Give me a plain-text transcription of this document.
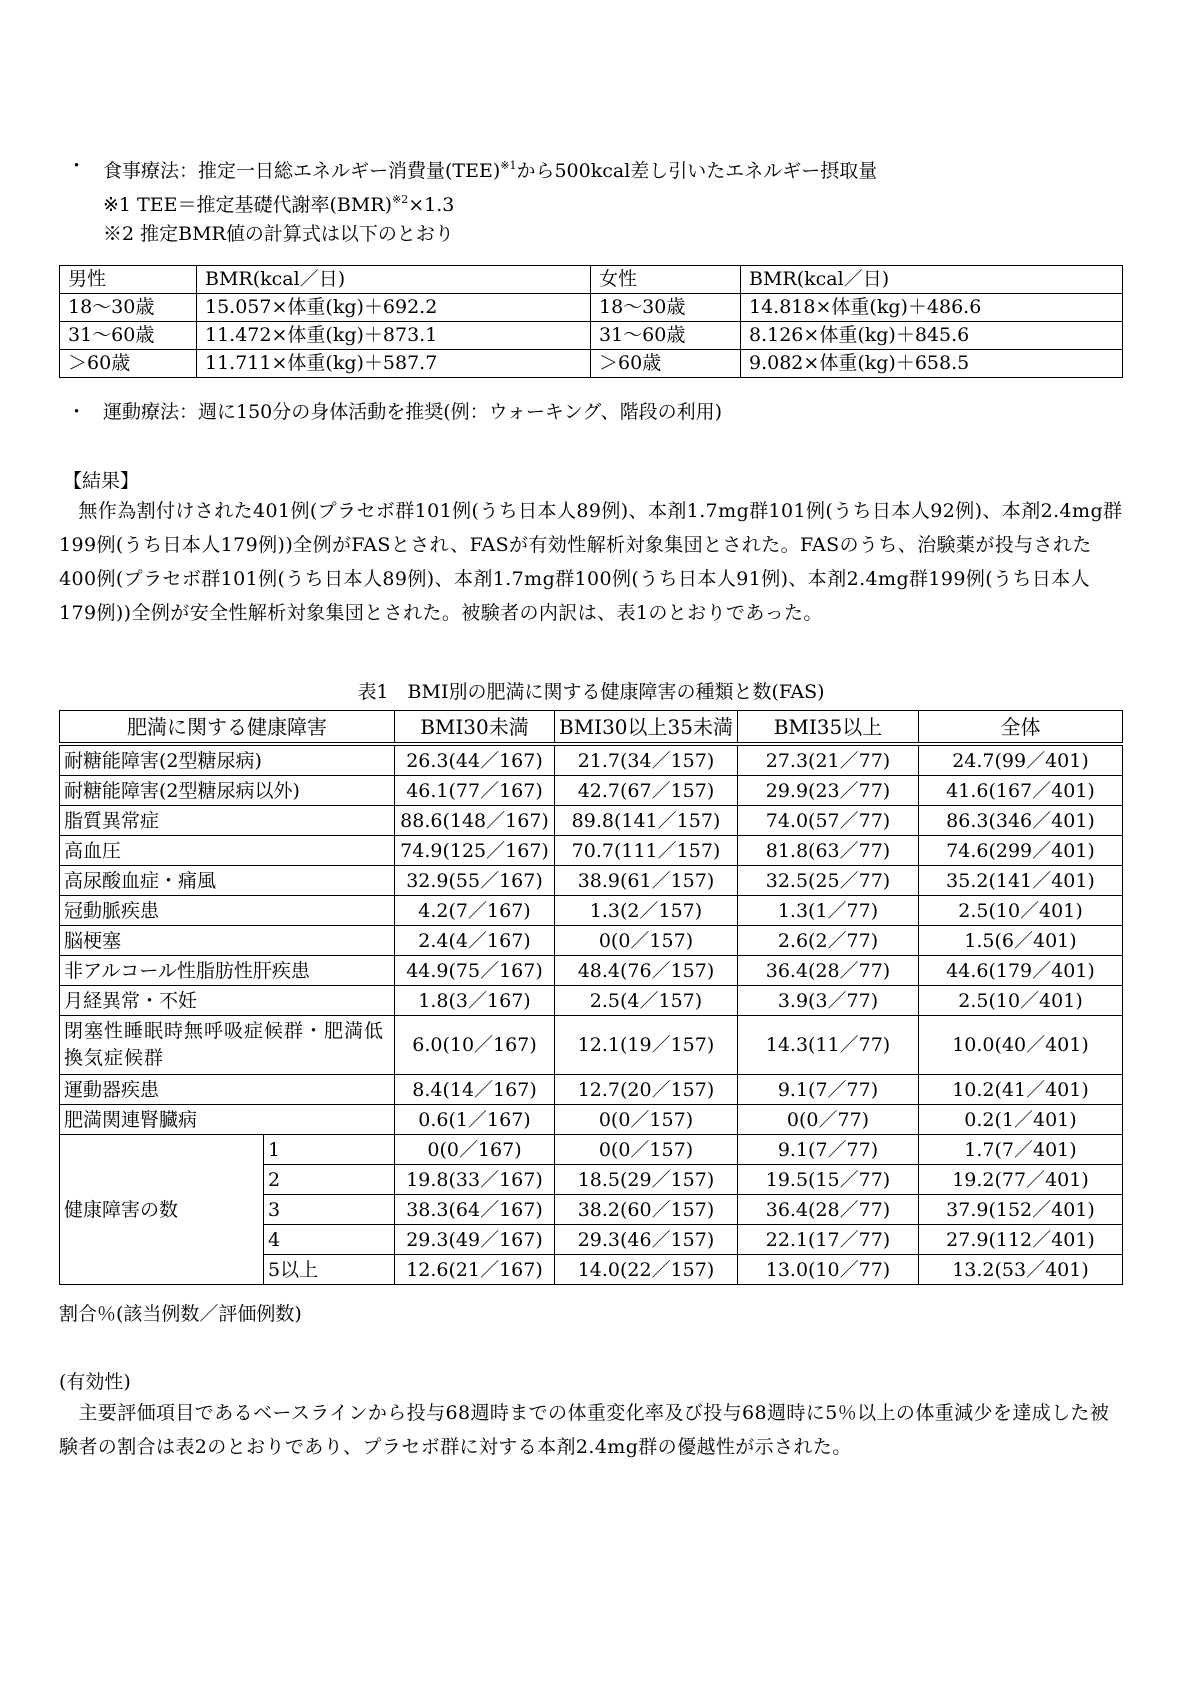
・ 食事療法：推定一日総エネルギー消費量(TEE)$^{※1}$から500kcal差し引いたエネルギー摂取量
※1 TEE＝推定基礎代謝率(BMR)$^{※2}$×1.3
※2 推定BMR値の計算式は以下のとおり
男性	BMR(kcal／日)	女性	BMR(kcal／日)
18〜30歳	15.057×体重(kg)＋692.2	18〜30歳	14.818×体重(kg)＋486.6
31〜60歳	11.472×体重(kg)＋873.1	31〜60歳	8.126×体重(kg)＋845.6
＞60歳	11.711×体重(kg)＋587.7	＞60歳	9.082×体重(kg)＋658.5
・ 運動療法：週に150分の身体活動を推奨(例：ウォーキング、階段の利用)
【結果】
　無作為割付けされた401例(プラセボ群101例(うち日本人89例)、本剤1.7mg群101例(うち日本人92例)、本剤2.4mg群199例(うち日本人179例))全例がFASとされ、FASが有効性解析対象集団とされた。FASのうち、治験薬が投与された400例(プラセボ群101例(うち日本人89例)、本剤1.7mg群100例(うち日本人91例)、本剤2.4mg群199例(うち日本人179例))全例が安全性解析対象集団とされた。被験者の内訳は、表1のとおりであった。
表1　BMI別の肥満に関する健康障害の種類と数(FAS)
肥満に関する健康障害		BMI30未満	BMI30以上35未満	BMI35以上	全体
耐糖能障害(2型糖尿病)		26.3(44／167)	21.7(34／157)	27.3(21／77)	24.7(99／401)
耐糖能障害(2型糖尿病以外)		46.1(77／167)	42.7(67／157)	29.9(23／77)	41.6(167／401)
脂質異常症		88.6(148／167)	89.8(141／157)	74.0(57／77)	86.3(346／401)
高血圧		74.9(125／167)	70.7(111／157)	81.8(63／77)	74.6(299／401)
高尿酸血症・痛風		32.9(55／167)	38.9(61／157)	32.5(25／77)	35.2(141／401)
冠動脈疾患		4.2(7／167)	1.3(2／157)	1.3(1／77)	2.5(10／401)
脳梗塞		2.4(4／167)	0(0／157)	2.6(2／77)	1.5(6／401)
非アルコール性脂肪性肝疾患		44.9(75／167)	48.4(76／157)	36.4(28／77)	44.6(179／401)
月経異常・不妊		1.8(3／167)	2.5(4／157)	3.9(3／77)	2.5(10／401)
閉塞性睡眠時無呼吸症候群・肥満低換気症候群		6.0(10／167)	12.1(19／157)	14.3(11／77)	10.0(40／401)
運動器疾患		8.4(14／167)	12.7(20／157)	9.1(7／77)	10.2(41／401)
肥満関連腎臓病		0.6(1／167)	0(0／157)	0(0／77)	0.2(1／401)
健康障害の数	1	0(0／167)	0(0／157)	9.1(7／77)	1.7(7／401)
	2	19.8(33／167)	18.5(29／157)	19.5(15／77)	19.2(77／401)
	3	38.3(64／167)	38.2(60／157)	36.4(28／77)	37.9(152／401)
	4	29.3(49／167)	29.3(46／157)	22.1(17／77)	27.9(112／401)
	5以上	12.6(21／167)	14.0(22／157)	13.0(10／77)	13.2(53／401)
割合％(該当例数／評価例数)
(有効性)
　主要評価項目であるベースラインから投与68週時までの体重変化率及び投与68週時に5％以上の体重減少を達成した被験者の割合は表2のとおりであり、プラセボ群に対する本剤2.4mg群の優越性が示された。
